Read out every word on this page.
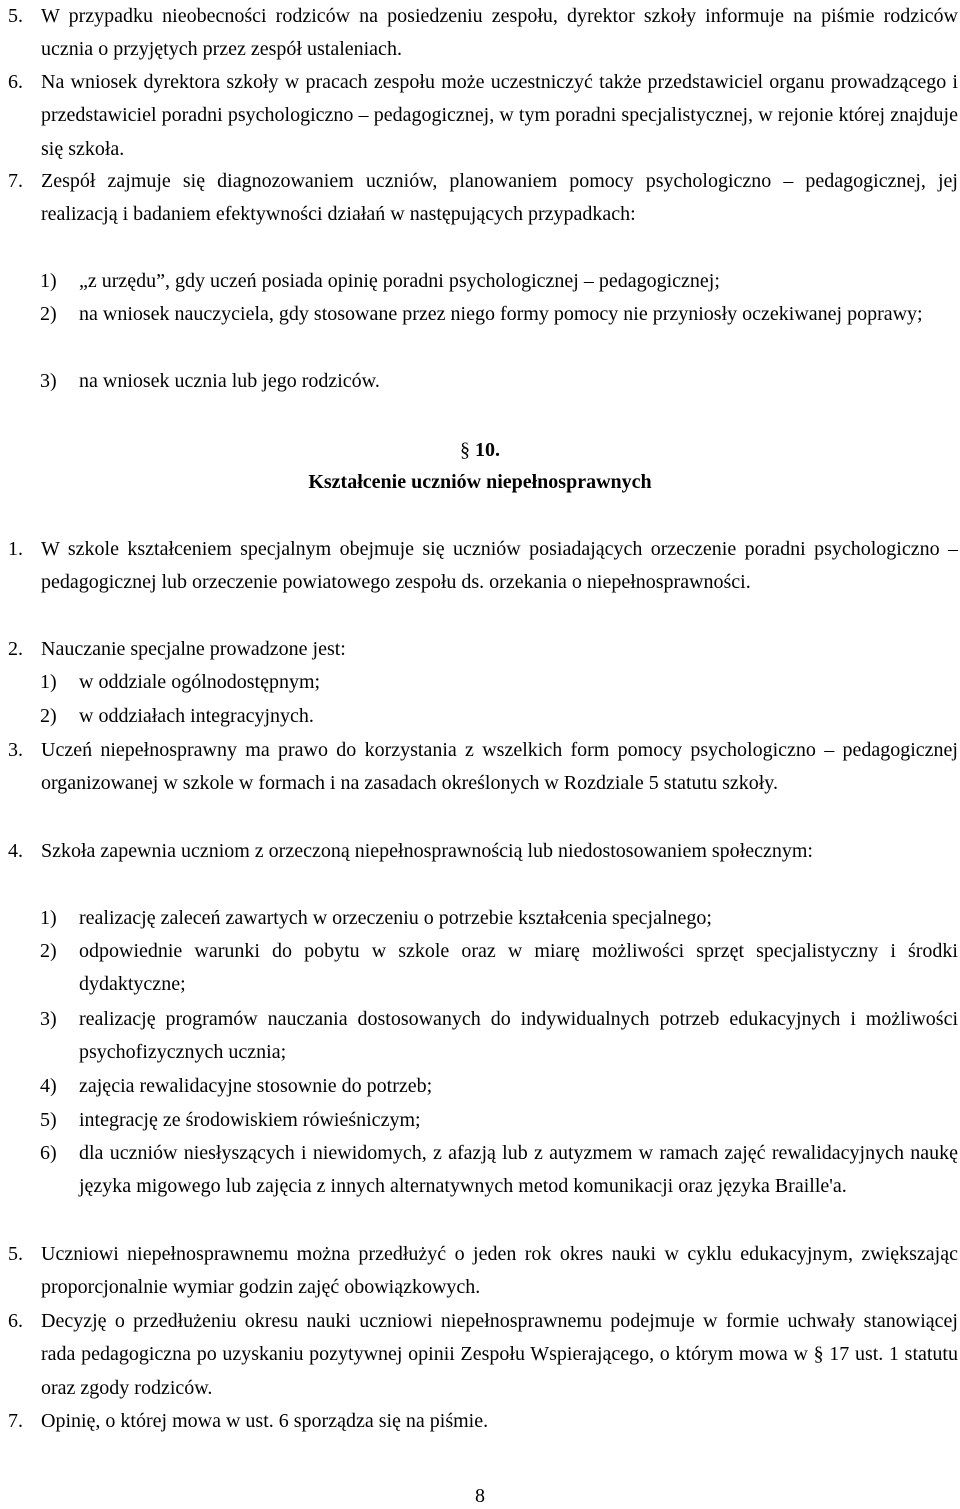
5. W przypadku nieobecności rodziców na posiedzeniu zespołu, dyrektor szkoły informuje na piśmie rodziców ucznia o przyjętych przez zespół ustaleniach.
6. Na wniosek dyrektora szkoły w pracach zespołu może uczestniczyć także przedstawiciel organu prowadzącego i przedstawiciel poradni psychologiczno – pedagogicznej, w tym poradni specjalistycznej, w rejonie której znajduje się szkoła.
7. Zespół zajmuje się diagnozowaniem uczniów, planowaniem pomocy psychologiczno – pedagogicznej, jej realizacją i badaniem efektywności działań w następujących przypadkach:
1) „z urzędu”, gdy uczeń posiada opinię poradni psychologicznej – pedagogicznej;
2) na wniosek nauczyciela, gdy stosowane przez niego formy pomocy nie przyniosły oczekiwanej poprawy;
3) na wniosek ucznia lub jego rodziców.
§ 10.
Kształcenie uczniów niepełnosprawnych
1. W szkole kształceniem specjalnym obejmuje się uczniów posiadających orzeczenie poradni psychologiczno – pedagogicznej lub orzeczenie powiatowego zespołu ds. orzekania o niepełnosprawności.
2. Nauczanie specjalne prowadzone jest:
1) w oddziale ogólnodostępnym;
2) w oddziałach integracyjnych.
3. Uczeń niepełnosprawny ma prawo do korzystania z wszelkich form pomocy psychologiczno – pedagogicznej organizowanej w szkole w formach i na zasadach określonych w Rozdziale 5 statutu szkoły.
4. Szkoła zapewnia uczniom z orzeczoną niepełnosprawnością lub niedostosowaniem społecznym:
1) realizację zaleceń zawartych w orzeczeniu o potrzebie kształcenia specjalnego;
2) odpowiednie warunki do pobytu w szkole oraz w miarę możliwości sprzęt specjalistyczny i środki dydaktyczne;
3) realizację programów nauczania dostosowanych do indywidualnych potrzeb edukacyjnych i możliwości psychofizycznych ucznia;
4) zajęcia rewalidacyjne stosownie do potrzeb;
5) integrację ze środowiskiem rówieśniczym;
6) dla uczniów niesłyszących i niewidomych, z afazją lub z autyzmem w ramach zajęć rewalidacyjnych naukę języka migowego lub zajęcia z innych alternatywnych metod komunikacji oraz języka Braille'a.
5. Uczniowi niepełnosprawnemu można przedłużyć o jeden rok okres nauki w cyklu edukacyjnym, zwiększając proporcjonalnie wymiar godzin zajęć obowiązkowych.
6. Decyzję o przedłużeniu okresu nauki uczniowi niepełnosprawnemu podejmuje w formie uchwały stanowiącej rada pedagogiczna po uzyskaniu pozytywnej opinii Zespołu Wspierającego, o którym mowa w § 17 ust. 1 statutu oraz zgody rodziców.
7. Opinię, o której mowa w ust. 6 sporządza się na piśmie.
8
